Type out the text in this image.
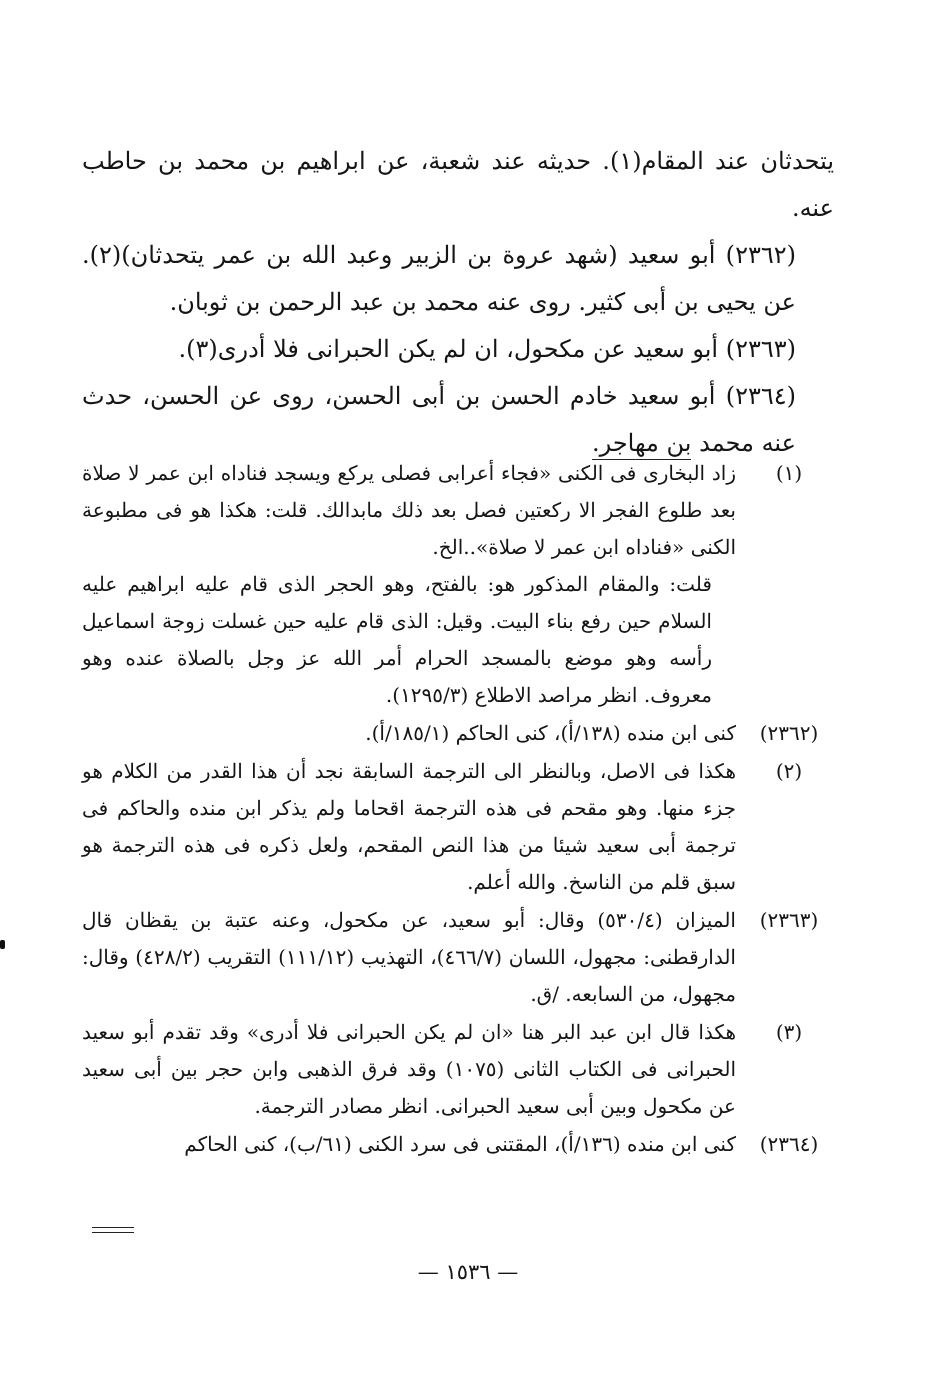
يتحدثان عند المقام(١). حديثه عند شعبة، عن ابراهيم بن محمد بن حاطب عنه.

(٢٣٦٢) أبو سعيد (شهد عروة بن الزبير وعبد الله بن عمر يتحدثان)(٢). عن يحيى بن أبى كثير. روى عنه محمد بن عبد الرحمن بن ثوبان.

(٢٣٦٣) أبو سعيد عن مكحول، ان لم يكن الحبرانى فلا أدرى(٣).

(٢٣٦٤) أبو سعيد خادم الحسن بن أبى الحسن، روى عن الحسن، حدث عنه محمد بن مهاجر.

(١)

زاد البخارى فى الكنى «فجاء أعرابى فصلى يركع ويسجد فناداه ابن عمر لا صلاة بعد طلوع الفجر الا ركعتين فصل بعد ذلك مابدالك. قلت: هكذا هو فى مطبوعة الكنى «فناداه ابن عمر لا صلاة»..الخ.

قلت: والمقام المذكور هو: بالفتح، وهو الحجر الذى قام عليه ابراهيم عليه السلام حين رفع بناء البيت. وقيل: الذى قام عليه حين غسلت زوجة اسماعيل رأسه وهو موضع بالمسجد الحرام أمر الله عز وجل بالصلاة عنده وهو معروف. انظر مراصد الاطلاع (١٢٩٥/٣).

(٢٣٦٢)

كنى ابن منده (١٣٨/أ)، كنى الحاكم (١٨٥/١/أ).

(٢)

هكذا فى الاصل، وبالنظر الى الترجمة السابقة نجد أن هذا القدر من الكلام هو جزء منها. وهو مقحم فى هذه الترجمة اقحاما ولم يذكر ابن منده والحاكم فى ترجمة أبى سعيد شيئا من هذا النص المقحم، ولعل ذكره فى هذه الترجمة هو سبق قلم من الناسخ. والله أعلم.

(٢٣٦٣)

الميزان (٥٣٠/٤) وقال: أبو سعيد، عن مكحول، وعنه عتبة بن يقظان قال الدارقطنى: مجهول، اللسان (٤٦٦/٧)، التهذيب (١١١/١٢) التقريب (٤٢٨/٢) وقال: مجهول، من السابعه. /ق.

(٣)

هكذا قال ابن عبد البر هنا «ان لم يكن الحبرانى فلا أدرى» وقد تقدم أبو سعيد الحبرانى فى الكتاب الثانى (١٠٧٥) وقد فرق الذهبى وابن حجر بين أبى سعيد عن مكحول وبين أبى سعيد الحبرانى. انظر مصادر الترجمة.

(٢٣٦٤)

كنى ابن منده (١٣٦/أ)، المقتنى فى سرد الكنى (٦١/ب)، كنى الحاكم

— ١٥٣٦ —
